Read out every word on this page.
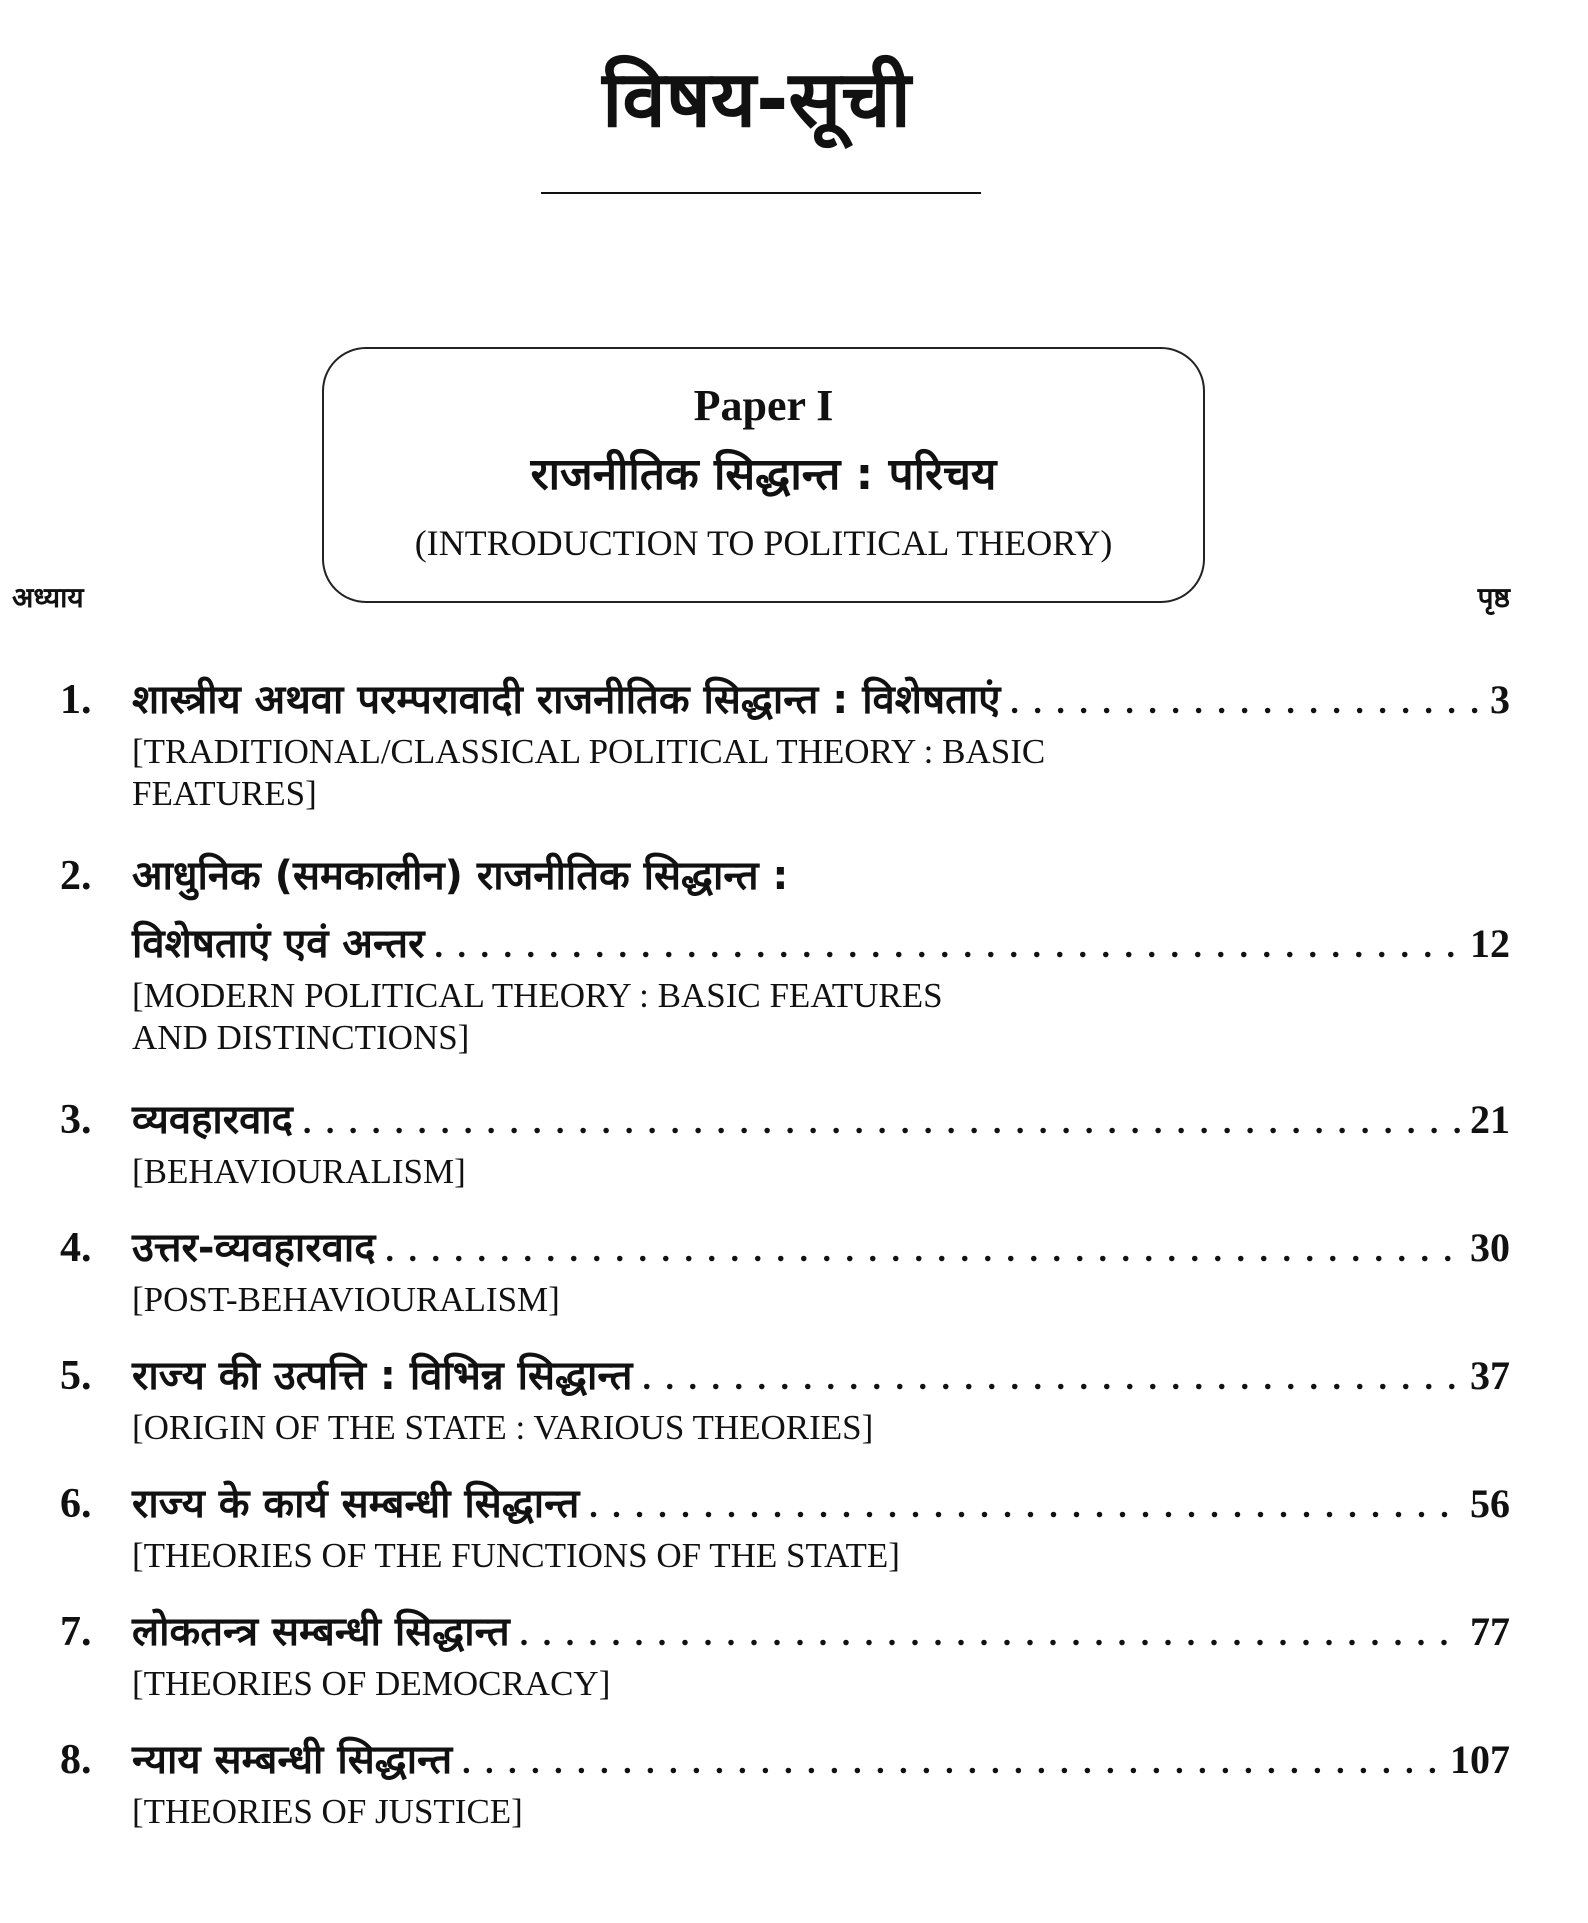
विषय-सूची
Paper I
राजनीतिक सिद्धान्त : परिचय
(INTRODUCTION TO POLITICAL THEORY)
अध्याय	पृष्ठ
1.	शास्त्रीय अथवा परम्परावादी राजनीतिक सिद्धान्त : विशेषताएं . . .	3
[TRADITIONAL/CLASSICAL POLITICAL THEORY : BASIC
FEATURES]
2.	आधुनिक (समकालीन) राजनीतिक सिद्धान्त :
विशेषताएं एवं अन्तर . . .	12
[MODERN POLITICAL THEORY : BASIC FEATURES
AND DISTINCTIONS]
3.	व्यवहारवाद . . .	21
[BEHAVIOURALISM]
4.	उत्तर-व्यवहारवाद . . .	30
[POST-BEHAVIOURALISM]
5.	राज्य की उत्पत्ति : विभिन्न सिद्धान्त . . .	37
[ORIGIN OF THE STATE : VARIOUS THEORIES]
6.	राज्य के कार्य सम्बन्धी सिद्धान्त . . .	56
[THEORIES OF THE FUNCTIONS OF THE STATE]
7.	लोकतन्त्र सम्बन्धी सिद्धान्त . . .	77
[THEORIES OF DEMOCRACY]
8.	न्याय सम्बन्धी सिद्धान्त . . .	107
[THEORIES OF JUSTICE]
